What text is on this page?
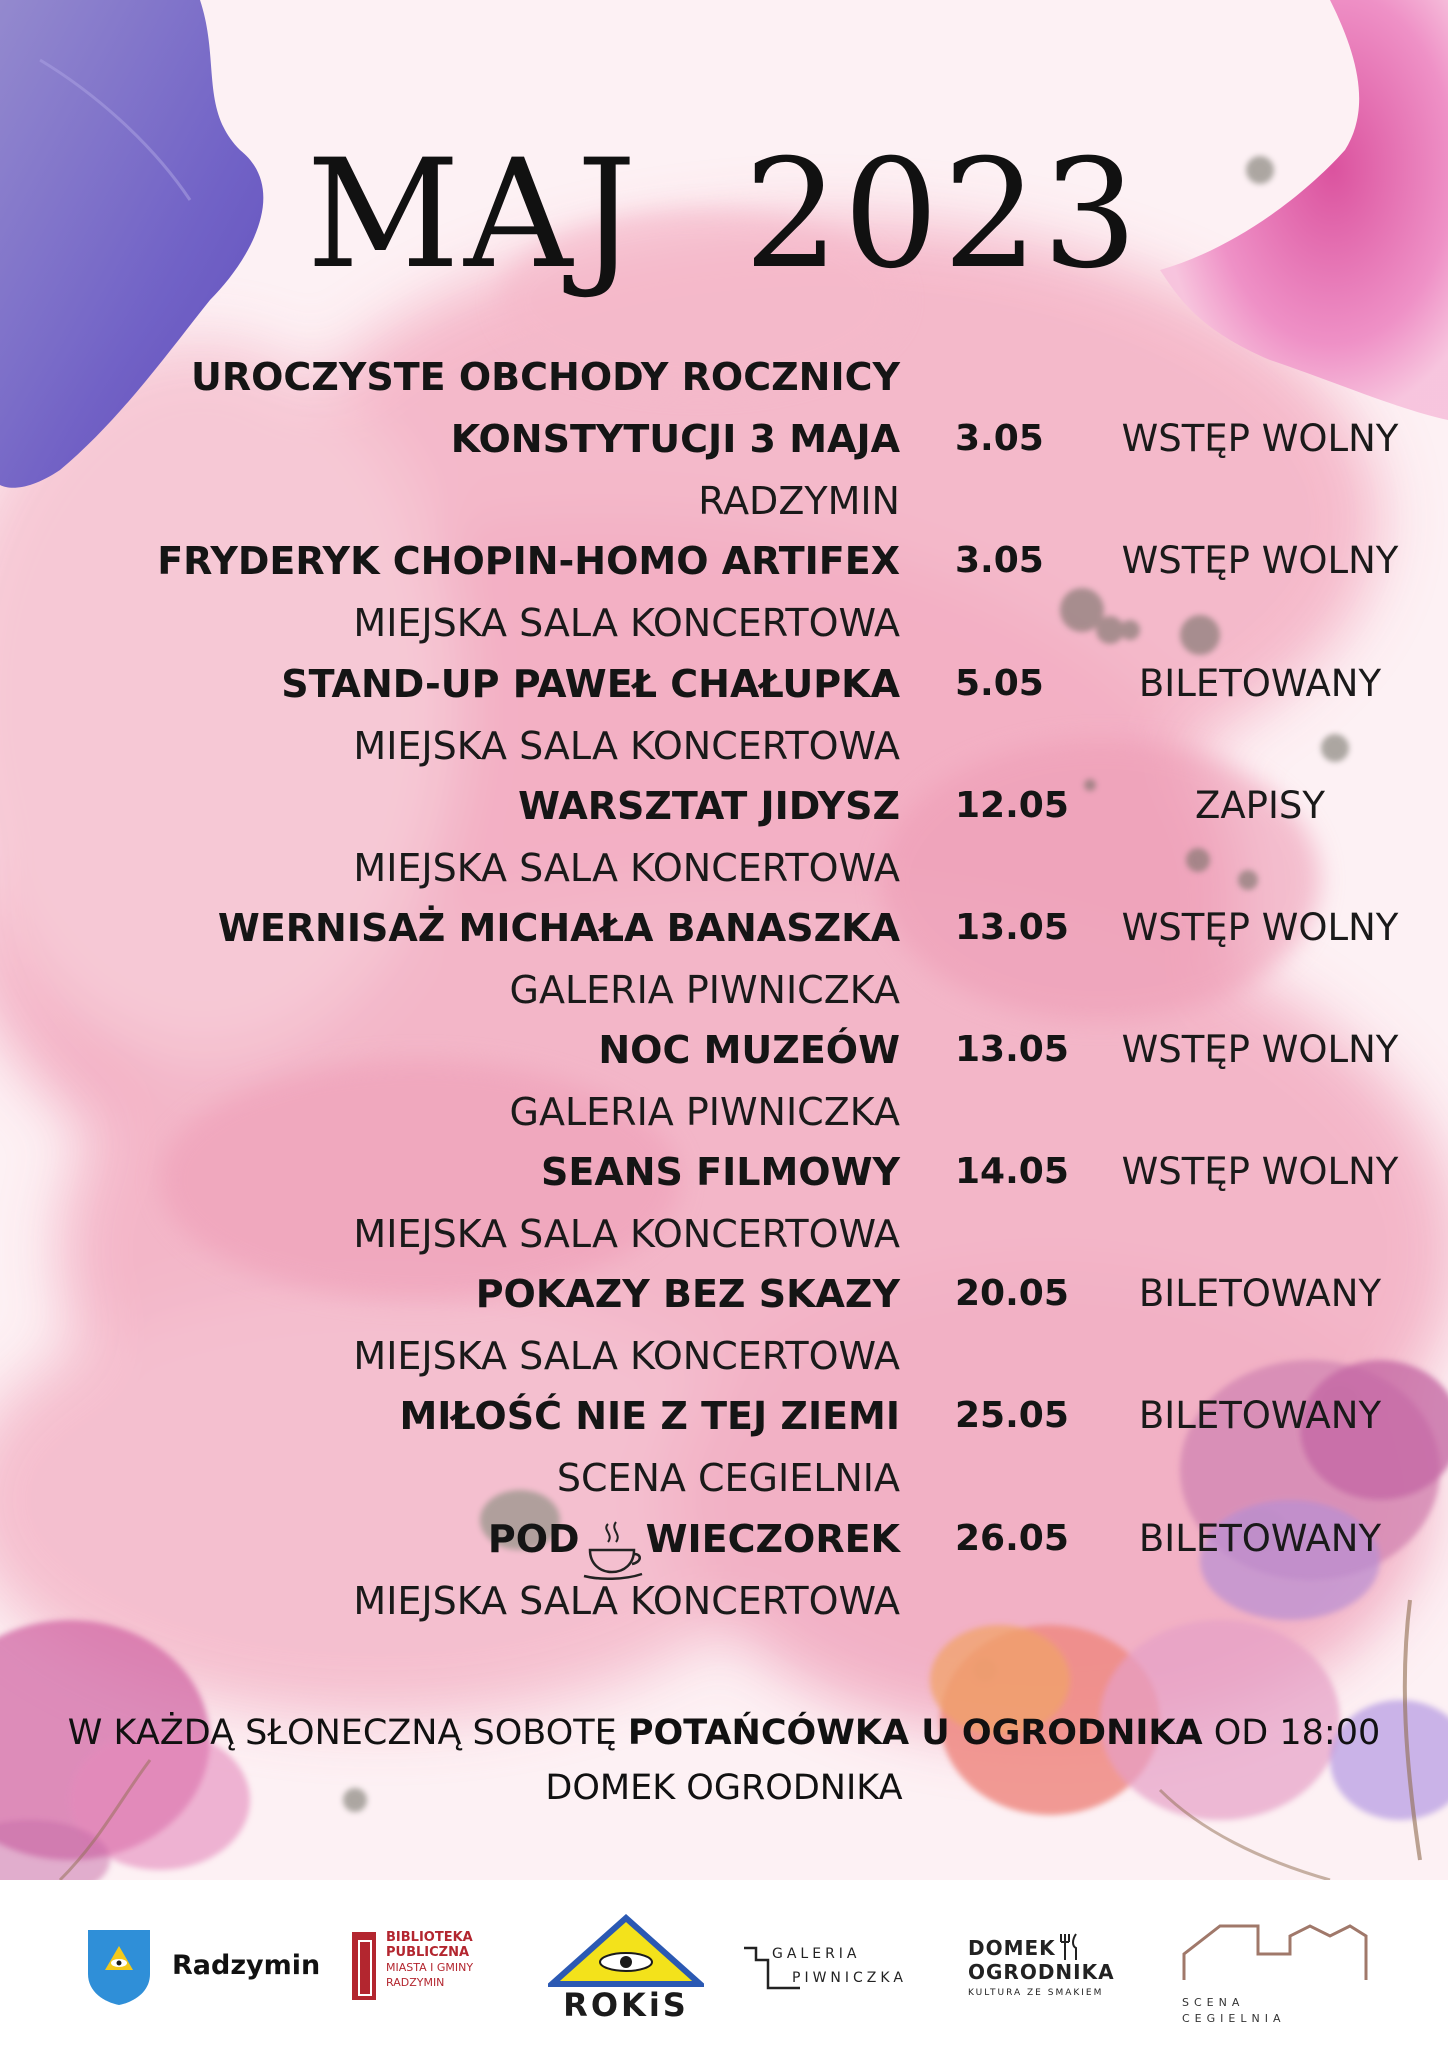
MAJ  2023
UROCZYSTE OBCHODY ROCZNICY
KONSTYTUCJI 3 MAJA
RADZYMIN
3.05	WSTĘP WOLNY
FRYDERYK CHOPIN-HOMO ARTIFEX
MIEJSKA SALA KONCERTOWA
3.05	WSTĘP WOLNY
STAND-UP PAWEŁ CHAŁUPKA
MIEJSKA SALA KONCERTOWA
5.05	BILETOWANY
WARSZTAT JIDYSZ
MIEJSKA SALA KONCERTOWA
12.05	ZAPISY
WERNISAŻ MICHAŁA BANASZKA
GALERIA PIWNICZKA
13.05	WSTĘP WOLNY
NOC MUZEÓW
GALERIA PIWNICZKA
13.05	WSTĘP WOLNY
SEANS FILMOWY
MIEJSKA SALA KONCERTOWA
14.05	WSTĘP WOLNY
POKAZY BEZ SKAZY
MIEJSKA SALA KONCERTOWA
20.05	BILETOWANY
MIŁOŚĆ NIE Z TEJ ZIEMI
SCENA CEGIELNIA
25.05	BILETOWANY
POD WIECZOREK
MIEJSKA SALA KONCERTOWA
26.05	BILETOWANY
W KAŻDĄ SŁONECZNĄ SOBOTĘ POTAŃCÓWKA U OGRODNIKA OD 18:00
DOMEK OGRODNIKA
Radzymin
BIBLIOTEKA
PUBLICZNA
MIASTA I GMINY
RADZYMIN
ROKiS
GALERIA
PIWNICZKA
DOMEK
OGRODNIKA
KULTURA ZE SMAKIEM
SCENA
CEGIELNIA
